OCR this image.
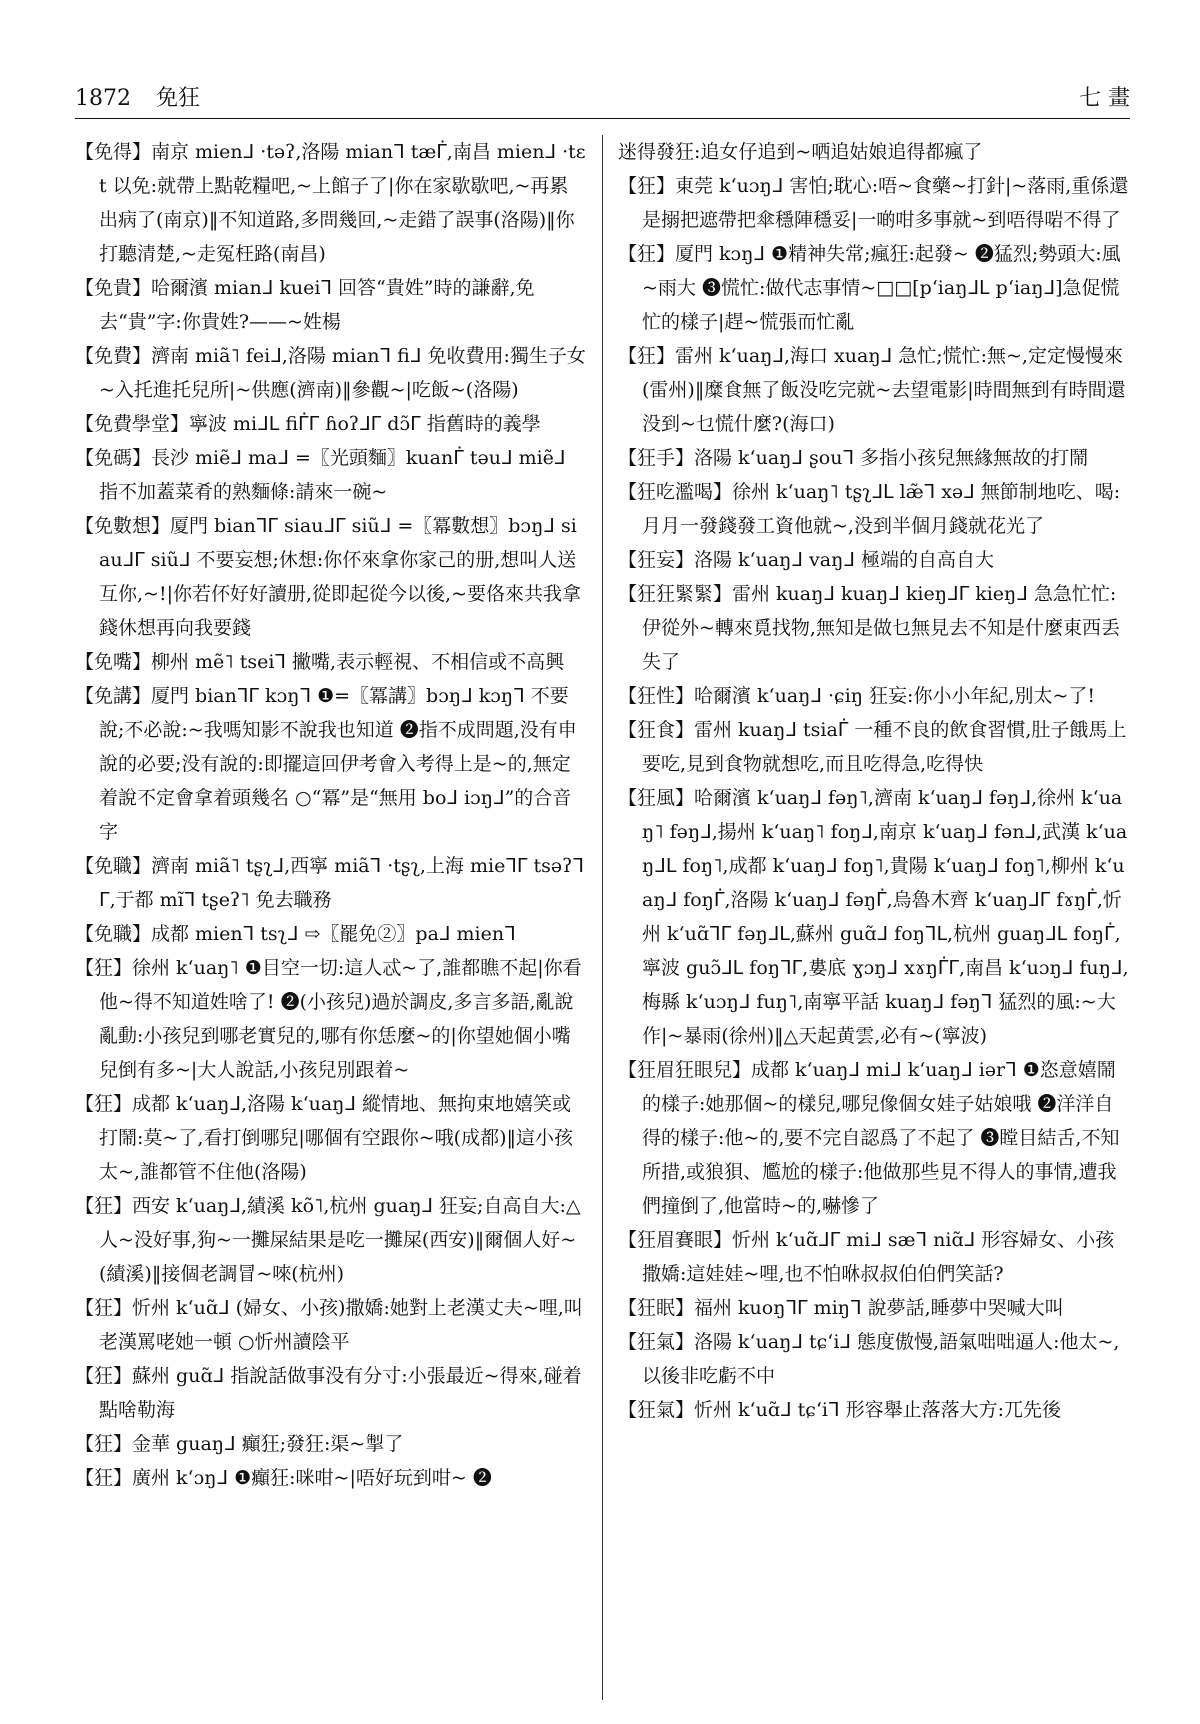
1872 免狂	七 畫

【免得】南京 mienᒧ ·təʔ,洛陽 mianᒣ tæᒦ,南昌 mienᒧ ·tɛt 以免:就帶上點乾糧吧,~上館子了|你在家歇歇吧,~再累出病了(南京)‖不知道路,多問幾回,~走錯了誤事(洛陽)‖你打聽清楚,~走冤枉路(南昌)

【免貴】哈爾濱 mianᒧ kueiᒣ 回答“貴姓”時的謙辭,免去“貴”字:你貴姓?——~姓楊

【免費】濟南 miã˥ feiᒧ,洛陽 mianᒣ fiᒧ 免收費用:獨生子女~入托進托兒所|~供應(濟南)‖參觀~|吃飯~(洛陽)

【免費學堂】寧波 miᒧᒪ fiᒦᒥ ɦoʔᒧᒥ dɔ̃ᒥ 指舊時的義學

【免碼】長沙 miẽᒧ maᒧ =〖光頭麵〗kuanᒦ təuᒧ miẽᒧ 指不加蓋菜肴的熟麵條:請來一碗~

【免數想】厦門 bianᒣᒥ siauᒧᒥ siũᒧ =〖冪數想〗bɔŋᒧ siauᒧᒥ siũᒧ 不要妄想;休想:你伓來拿你家己的册,想叫人送互你,~!|你若伓好好讀册,從即起從今以後,~要佫來共我拿錢休想再向我要錢

【免嘴】柳州 mẽ˥ tseiᒣ 撇嘴,表示輕視、不相信或不高興

【免講】厦門 bianᒣᒥ kɔŋᒣ ❶=〖冪講〗bɔŋᒧ kɔŋᒣ 不要說;不必說:~我嗎知影不說我也知道 ❷指不成問題,没有申說的必要;没有說的:即擺這回伊考會入考得上是~的,無定着說不定會拿着頭幾名 ○“冪”是“無用 boᒧ iɔŋᒧ”的合音字

【免職】濟南 miã˥ tʂʅᒧ,西寧 miãᒣ ·tʂʅ,上海 mieᒣᒥ tsəʔᒣᒥ,于都 mĩᒣ tʂeʔ˥ 免去職務

【免職】成都 mienᒣ tsʅᒧ ⇨〖罷免②〗paᒧ mienᒣ

【狂】徐州 kʻuaŋ˥ ❶目空一切:這人忒~了,誰都瞧不起|你看他~得不知道姓啥了! ❷(小孩兒)過於調皮,多言多語,亂說亂動:小孩兒到哪老實兒的,哪有你恁麼~的|你望她個小嘴兒倒有多~|大人說話,小孩兒別跟着~

【狂】成都 kʻuaŋᒧ,洛陽 kʻuaŋᒧ 縱情地、無拘束地嬉笑或打鬧:莫~了,看打倒哪兒|哪個有空跟你~哦(成都)‖這小孩太~,誰都管不住他(洛陽)

【狂】西安 kʻuaŋᒧ,績溪 kõ˥,杭州 guaŋᒧ 狂妄;自高自大:△人~没好事,狗~一攤屎結果是吃一攤屎(西安)‖爾個人好~(績溪)‖接個老調冒~唻(杭州)

【狂】忻州 kʻuɑ̃ᒧ (婦女、小孩)撒嬌:她對上老漢丈夫~哩,叫老漢罵咾她一頓 ○忻州讀陰平

【狂】蘇州 guɑ̃ᒧ 指說話做事没有分寸:小張最近~得來,碰着點啥勒海

【狂】金華 guaŋᒧ 癲狂;發狂:渠~掣了

【狂】廣州 kʻɔŋᒧ ❶癲狂:咪咁~|唔好玩到咁~ ❷

迷得發狂:追女仔追到~哂追姑娘追得都瘋了

【狂】東莞 kʻuɔŋᒧ 害怕;耽心:唔~食藥~打針|~落雨,重係還是搦把遮帶把傘穩陣穩妥|一啲咁多事就~到唔得啱不得了

【狂】厦門 kɔŋᒧ ❶精神失常;瘋狂:起發~ ❷猛烈;勢頭大:風~雨大 ❸慌忙:做代志事情~□□[pʻiaŋᒧᒪ pʻiaŋᒧ]急促慌忙的樣子|趕~慌張而忙亂

【狂】雷州 kʻuaŋᒧ,海口 xuaŋᒧ 急忙;慌忙:無~,定定慢慢來(雷州)‖糜食無了飯没吃完就~去望電影|時間無到有時間還没到~乜慌什麼?(海口)

【狂手】洛陽 kʻuaŋᒧ ʂouᒣ 多指小孩兒無緣無故的打鬧

【狂吃濫喝】徐州 kʻuaŋ˥ tʂʅᒧᒪ læ̃ᒣ xəᒧ 無節制地吃、喝:月月一發錢發工資他就~,没到半個月錢就花光了

【狂妄】洛陽 kʻuaŋᒧ vaŋᒧ 極端的自高自大

【狂狂緊緊】雷州 kuaŋᒧ kuaŋᒧ kieŋᒧᒥ kieŋᒧ 急急忙忙:伊從外~轉來覓找物,無知是做乜無見去不知是什麼東西丢失了

【狂性】哈爾濱 kʻuaŋᒧ ·ɕiŋ 狂妄:你小小年紀,別太~了!

【狂食】雷州 kuaŋᒧ tsiaᒦ 一種不良的飲食習慣,肚子餓馬上要吃,見到食物就想吃,而且吃得急,吃得快

【狂風】哈爾濱 kʻuaŋᒧ fəŋ˥,濟南 kʻuaŋᒧ fəŋᒧ,徐州 kʻuaŋ˥ fəŋᒧ,揚州 kʻuaŋ˥ foŋᒧ,南京 kʻuaŋᒧ fənᒧ,武漢 kʻuaŋᒧᒪ foŋ˥,成都 kʻuaŋᒧ foŋ˥,貴陽 kʻuaŋᒧ foŋ˥,柳州 kʻuaŋᒧ foŋᒦ,洛陽 kʻuaŋᒧ fəŋᒦ,烏魯木齊 kʻuaŋᒧᒥ fɤŋᒦ,忻州 kʻuɑ̃ᒣᒥ fəŋᒧᒪ,蘇州 guɑ̃ᒧ foŋᒣᒪ,杭州 guaŋᒧᒪ foŋᒦ,寧波 guɔ̃ᒧᒪ foŋᒣᒥ,婁底 ɣɔŋᒧ xɤŋᒦᒥ,南昌 kʻuɔŋᒧ fuŋᒧ,梅縣 kʻuɔŋᒧ fuŋ˥,南寧平話 kuaŋᒧ fəŋᒣ 猛烈的風:~大作|~暴雨(徐州)‖△天起黄雲,必有~(寧波)

【狂眉狂眼兒】成都 kʻuaŋᒧ miᒧ kʻuaŋᒧ iərᒣ ❶恣意嬉鬧的樣子:她那個~的樣兒,哪兒像個女娃子姑娘哦 ❷洋洋自得的樣子:他~的,要不完自認爲了不起了 ❸瞠目結舌,不知所措,或狼狽、尷尬的樣子:他做那些見不得人的事情,遭我們撞倒了,他當時~的,嚇慘了

【狂眉賽眼】忻州 kʻuɑ̃ᒧᒥ miᒧ sæᒣ niɑ̃ᒧ 形容婦女、小孩撒嬌:這娃娃~哩,也不怕咻叔叔伯伯們笑話?

【狂眠】福州 kuoŋᒣᒥ miŋᒣ 說夢話,睡夢中哭喊大叫

【狂氣】洛陽 kʻuaŋᒧ tɕʻiᒧ 態度傲慢,語氣咄咄逼人:他太~,以後非吃虧不中

【狂氣】忻州 kʻuɑ̃ᒧ tɕʻiᒣ 形容舉止落落大方:兀先後
